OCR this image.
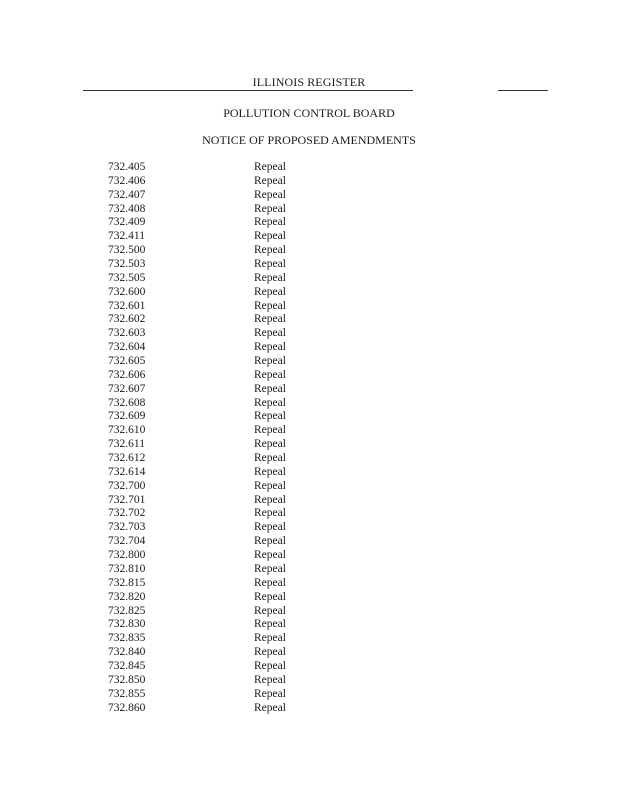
ILLINOIS REGISTER
POLLUTION CONTROL BOARD
NOTICE OF PROPOSED AMENDMENTS
732.405	Repeal
732.406	Repeal
732.407	Repeal
732.408	Repeal
732.409	Repeal
732.411	Repeal
732.500	Repeal
732.503	Repeal
732.505	Repeal
732.600	Repeal
732.601	Repeal
732.602	Repeal
732.603	Repeal
732.604	Repeal
732.605	Repeal
732.606	Repeal
732.607	Repeal
732.608	Repeal
732.609	Repeal
732.610	Repeal
732.611	Repeal
732.612	Repeal
732.614	Repeal
732.700	Repeal
732.701	Repeal
732.702	Repeal
732.703	Repeal
732.704	Repeal
732.800	Repeal
732.810	Repeal
732.815	Repeal
732.820	Repeal
732.825	Repeal
732.830	Repeal
732.835	Repeal
732.840	Repeal
732.845	Repeal
732.850	Repeal
732.855	Repeal
732.860	Repeal
